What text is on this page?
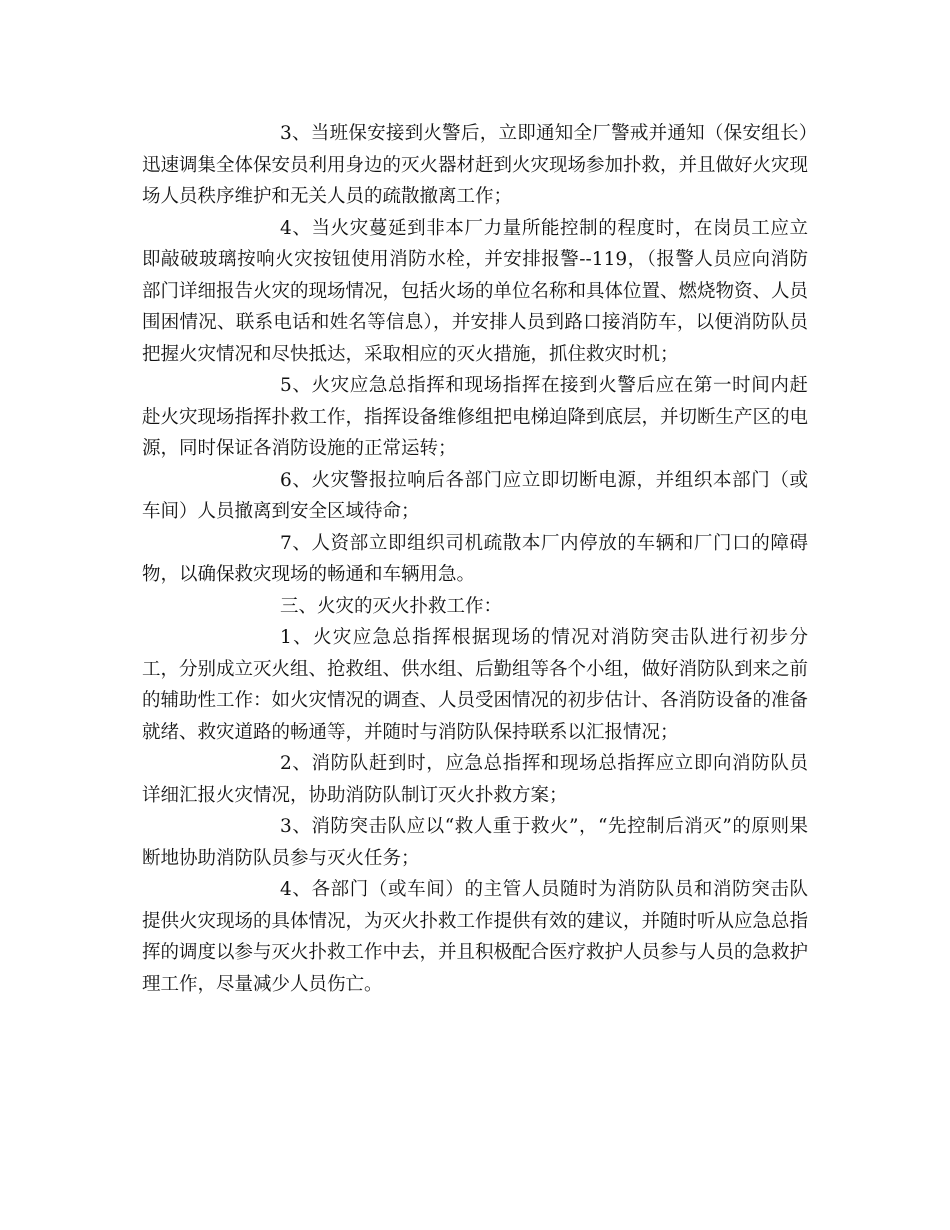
3、当班保安接到火警后，立即通知全厂警戒并通知（保安组长）迅速调集全体保安员利用身边的灭火器材赶到火灾现场参加扑救，并且做好火灾现场人员秩序维护和无关人员的疏散撤离工作；

4、当火灾蔓延到非本厂力量所能控制的程度时，在岗员工应立即敲破玻璃按响火灾按钮使用消防水栓，并安排报警--119，（报警人员应向消防部门详细报告火灾的现场情况，包括火场的单位名称和具体位置、燃烧物资、人员围困情况、联系电话和姓名等信息），并安排人员到路口接消防车，以便消防队员把握火灾情况和尽快抵达，采取相应的灭火措施，抓住救灾时机；

5、火灾应急总指挥和现场指挥在接到火警后应在第一时间内赶赴火灾现场指挥扑救工作，指挥设备维修组把电梯迫降到底层，并切断生产区的电源，同时保证各消防设施的正常运转；

6、火灾警报拉响后各部门应立即切断电源，并组织本部门（或车间）人员撤离到安全区域待命；

7、人资部立即组织司机疏散本厂内停放的车辆和厂门口的障碍物，以确保救灾现场的畅通和车辆用急。

三、火灾的灭火扑救工作：

1、火灾应急总指挥根据现场的情况对消防突击队进行初步分工，分别成立灭火组、抢救组、供水组、后勤组等各个小组，做好消防队到来之前的辅助性工作：如火灾情况的调查、人员受困情况的初步估计、各消防设备的准备就绪、救灾道路的畅通等，并随时与消防队保持联系以汇报情况；

2、消防队赶到时，应急总指挥和现场总指挥应立即向消防队员详细汇报火灾情况，协助消防队制订灭火扑救方案；

3、消防突击队应以“救人重于救火”，“先控制后消灭”的原则果断地协助消防队员参与灭火任务；

4、各部门（或车间）的主管人员随时为消防队员和消防突击队提供火灾现场的具体情况，为灭火扑救工作提供有效的建议，并随时听从应急总指挥的调度以参与灭火扑救工作中去，并且积极配合医疗救护人员参与人员的急救护理工作，尽量减少人员伤亡。
